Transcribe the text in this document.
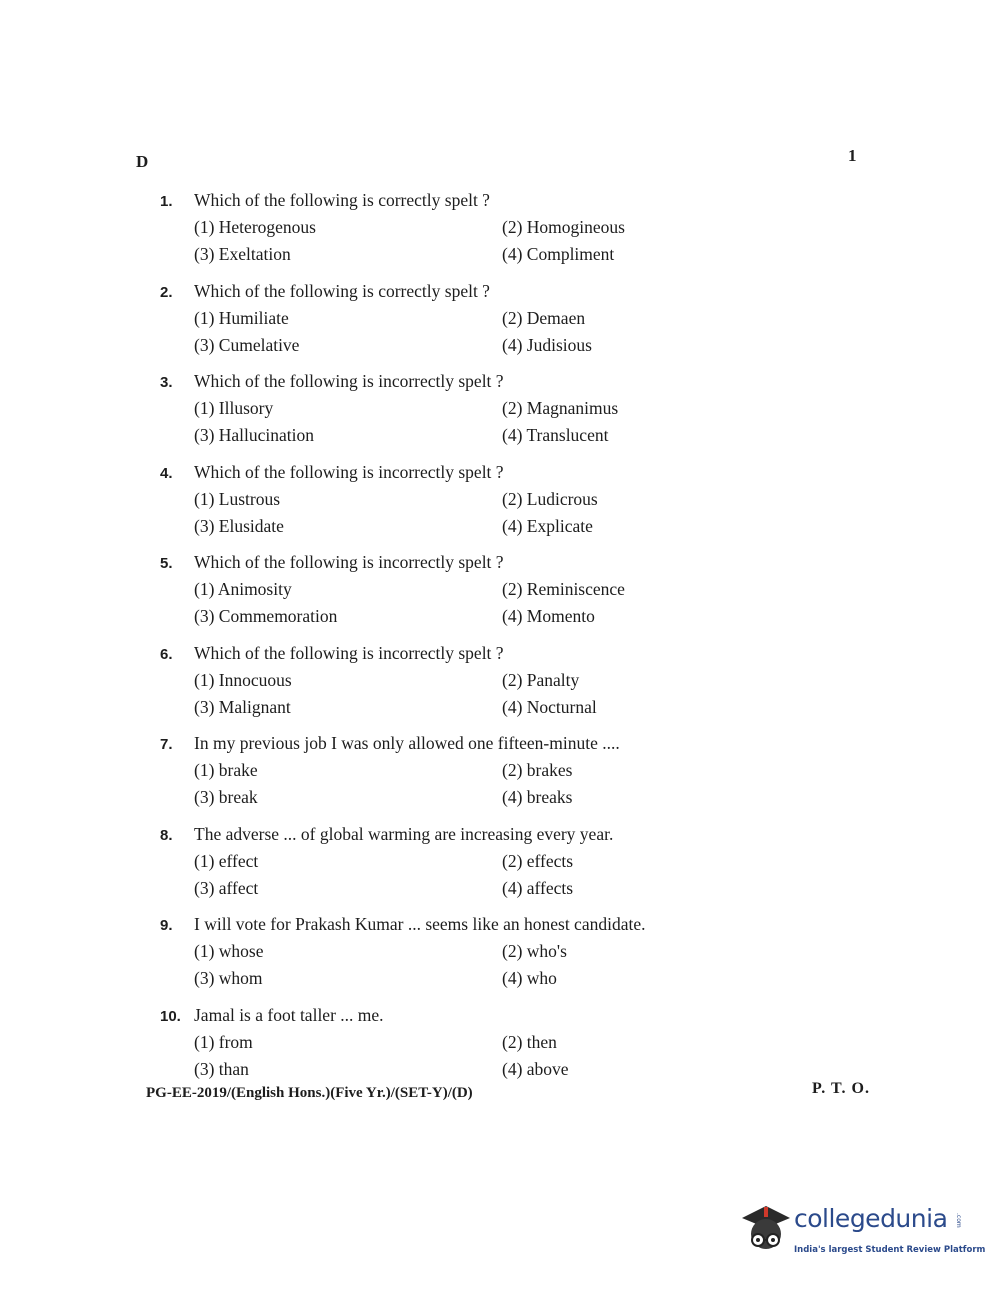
D	1
1. Which of the following is correctly spelt ?
(1) Heterogenous	(2) Homogineous
(3) Exeltation	(4) Compliment
2. Which of the following is correctly spelt ?
(1) Humiliate	(2) Demaen
(3) Cumelative	(4) Judisious
3. Which of the following is incorrectly spelt ?
(1) Illusory	(2) Magnanimus
(3) Hallucination	(4) Translucent
4. Which of the following is incorrectly spelt ?
(1) Lustrous	(2) Ludicrous
(3) Elusidate	(4) Explicate
5. Which of the following is incorrectly spelt ?
(1) Animosity	(2) Reminiscence
(3) Commemoration	(4) Momento
6. Which of the following is incorrectly spelt ?
(1) Innocuous	(2) Panalty
(3) Malignant	(4) Nocturnal
7. In my previous job I was only allowed one fifteen-minute ....
(1) brake	(2) brakes
(3) break	(4) breaks
8. The adverse ... of global warming are increasing every year.
(1) effect	(2) effects
(3) affect	(4) affects
9. I will vote for Prakash Kumar ... seems like an honest candidate.
(1) whose	(2) who's
(3) whom	(4) who
10. Jamal is a foot taller ... me.
(1) from	(2) then
(3) than	(4) above
PG-EE-2019/(English Hons.)(Five Yr.)/(SET-Y)/(D)	P. T. O.
collegedunia .com
India's largest Student Review Platform
